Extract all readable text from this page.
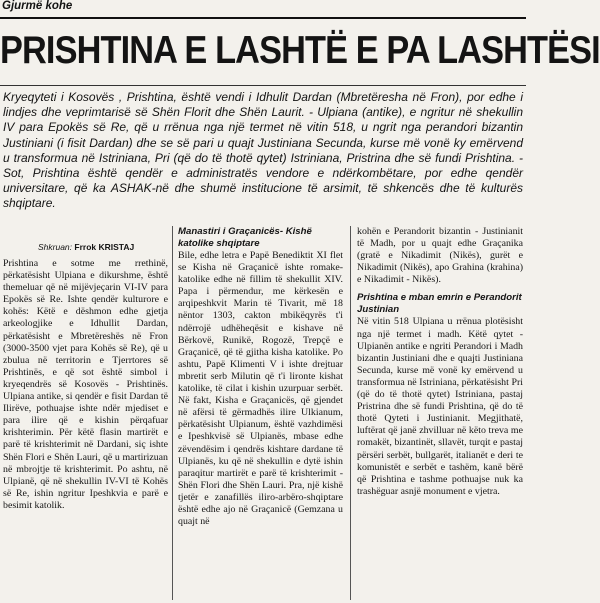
Gjurmë kohe
PRISHTINA E LASHTË E PA LASHTËSI

Kryeqyteti i Kosovës , Prishtina, është vendi i Idhulit Dardan (Mbretëresha në Fron), por edhe i lindjes dhe veprimtarisë së Shën Florit dhe Shën Laurit. - Ulpiana (antike), e ngritur në shekullin IV para Epokës së Re, që u rrënua nga një termet në vitin 518, u ngrit nga perandori bizantin Justiniani (i fisit Dardan) dhe se së pari u quajt Justiniana Secunda, kurse më vonë ky emërvend u transformua në Istriniana, Pri (që do të thotë qytet) Istriniana, Pristrina dhe së fundi Prishtina. - Sot, Prishtina është qendër e administratës vendore e ndërkombëtare, por edhe qendër universitare, që ka ASHAK-në dhe shumë institucione të arsimit, të shkencës dhe të kulturës shqiptare.

Shkruan: Frrok KRISTAJ

Prishtina e sotme me rrethinë, përkatësisht Ulpiana e dikurshme, është themeluar që në mijëvjeçarin VI-IV para Epokës së Re. Ishte qendër kulturore e kohës: Këtë e dëshmon edhe gjetja arkeologjike e Idhullit Dardan, përkatësisht e Mbretëreshës në Fron (3000-3500 vjet para Kohës së Re), që u zbulua në territorin e Tjerrtores së Prishtinës, e që sot është simbol i kryeqendrës së Kosovës - Prishtinës. Ulpiana antike, si qendër e fisit Dardan të Ilirëve, pothuajse ishte ndër mjediset e para ilire që e kishin përqafuar krishterimin. Për këtë flasin martirët e parë të krishterimit në Dardani, siç ishte Shën Flori e Shën Lauri, që u martirizuan në mbrojtje të krishterimit. Po ashtu, në Ulpianë, që në shekullin IV-VI të Kohës së Re, ishin ngritur Ipeshkvia e parë e besimit katolik.

Manastiri i Graçanicës- Kishë katolike shqiptare

Bile, edhe letra e Papë Benediktit XI flet se Kisha në Graçanicë ishte romake-katolike edhe në fillim të shekullit XIV. Papa i përmendur, me kërkesën e arqipeshkvit Marin të Tivarit, më 18 nëntor 1303, cakton mbikëqyrës t'i ndërrojë udhëheqësit e kishave në Bërkovë, Runikë, Rogozë, Trepçë e Graçanicë, që të gjitha kisha katolike. Po ashtu, Papë Klimenti V i ishte drejtuar mbretit serb Milutin që t'i lironte kishat katolike, të cilat i kishin uzurpuar serbët. Në fakt, Kisha e Graçanicës, që gjendet në afërsi të gërmadhës ilire Ulkianum, përkatësisht Ulpianum, është vazhdimësi e Ipeshkvisë së Ulpianës, mbase edhe zëvendësim i qendrës kishtare dardane të Ulpianës, ku që në shekullin e dytë ishin paraqitur martirët e parë të krishterimit - Shën Flori dhe Shën Lauri. Pra, një kishë tjetër e zanafillës iliro-arbëro-shqiptare është edhe ajo në Graçanicë (Gemzana u quajt në

kohën e Perandorit bizantin - Justinianit të Madh, por u quajt edhe Graçanika (gratë e Nikadimit (Nikës), gurët e Nikadimit (Nikës), apo Grahina (krahina) e Nikadimit - Nikës).

Prishtina e mban emrin e Perandorit Justinian

Në vitin 518 Ulpiana u rrënua plotësisht nga një termet i madh. Këtë qytet - Ulpianën antike e ngriti Perandori i Madh bizantin Justiniani dhe e quajti Justiniana Secunda, kurse më vonë ky emërvend u transformua në Istriniana, përkatësisht Pri (që do të thotë qytet) Istriniana, pastaj Pristrina dhe së fundi Prishtina, që do të thotë Qyteti i Justinianit. Megjithatë, luftërat që janë zhvilluar në këto treva me romakët, bizantinët, sllavët, turqit e pastaj përsëri serbët, bullgarët, italianët e deri te komunistët e serbët e tashëm, kanë bërë që Prishtina e tashme pothuajse nuk ka trashëguar asnjë monument e vjetra.
